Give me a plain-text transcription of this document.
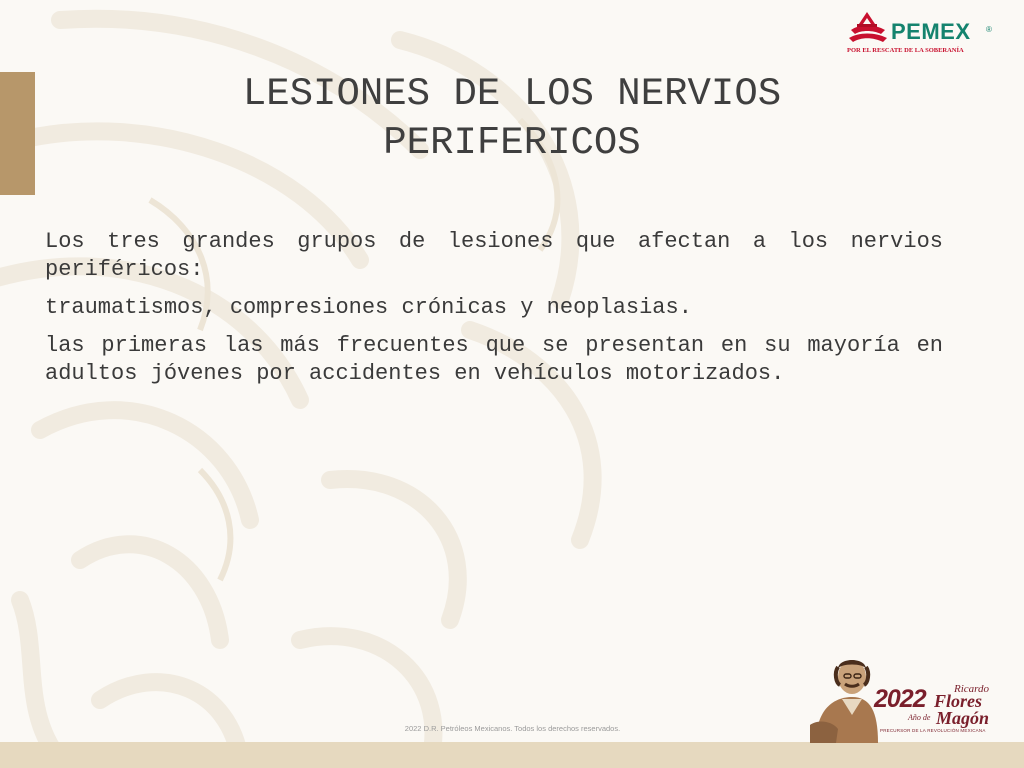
PEMEX ®
POR EL RESCATE DE LA SOBERANÍA
LESIONES DE LOS NERVIOS
PERIFERICOS

Los tres grandes grupos de lesiones que afectan a los nervios periféricos:

traumatismos, compresiones crónicas y neoplasias.

las primeras las más frecuentes que se presentan en su mayoría en adultos jóvenes por accidentes en vehículos motorizados.

2022 D.R. Petróleos Mexicanos. Todos los derechos reservados.
2022
Año de
Ricardo
Flores
Magón
PRECURSOR DE LA REVOLUCIÓN MEXICANA
